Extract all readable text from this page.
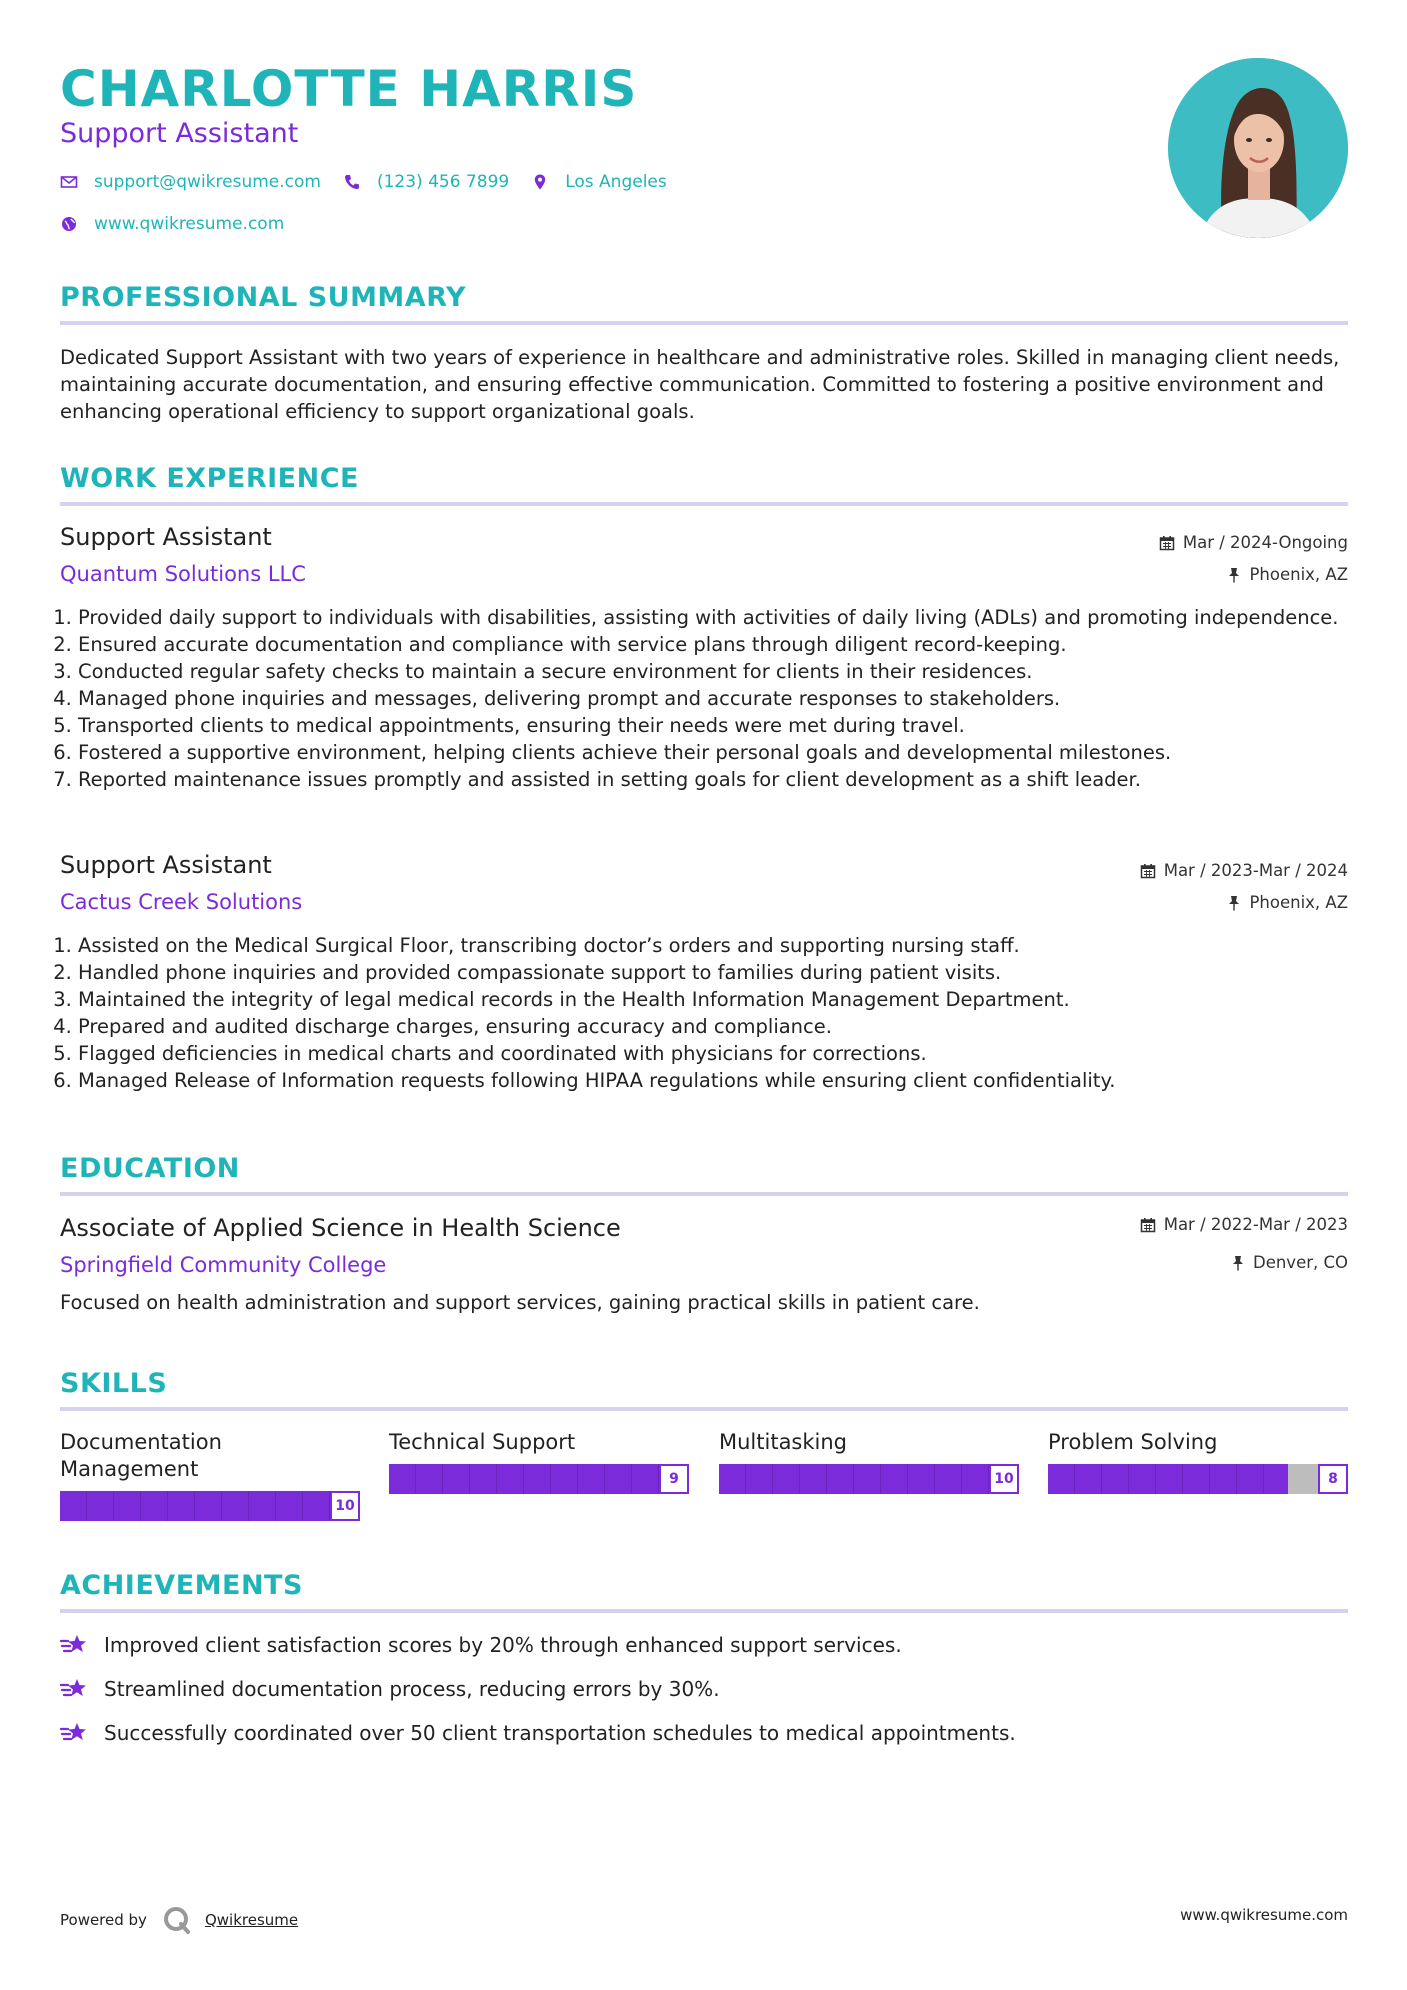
CHARLOTTE HARRIS
Support Assistant
support@qwikresume.com	(123) 456 7899	Los Angeles
www.qwikresume.com
PROFESSIONAL SUMMARY
Dedicated Support Assistant with two years of experience in healthcare and administrative roles. Skilled in managing client needs, maintaining accurate documentation, and ensuring effective communication. Committed to fostering a positive environment and enhancing operational efficiency to support organizational goals.
WORK EXPERIENCE
Support Assistant
Quantum Solutions LLC
Mar / 2024-Ongoing
Phoenix, AZ
1. Provided daily support to individuals with disabilities, assisting with activities of daily living (ADLs) and promoting independence.
2. Ensured accurate documentation and compliance with service plans through diligent record-keeping.
3. Conducted regular safety checks to maintain a secure environment for clients in their residences.
4. Managed phone inquiries and messages, delivering prompt and accurate responses to stakeholders.
5. Transported clients to medical appointments, ensuring their needs were met during travel.
6. Fostered a supportive environment, helping clients achieve their personal goals and developmental milestones.
7. Reported maintenance issues promptly and assisted in setting goals for client development as a shift leader.
Support Assistant
Cactus Creek Solutions
Mar / 2023-Mar / 2024
Phoenix, AZ
1. Assisted on the Medical Surgical Floor, transcribing doctor’s orders and supporting nursing staff.
2. Handled phone inquiries and provided compassionate support to families during patient visits.
3. Maintained the integrity of legal medical records in the Health Information Management Department.
4. Prepared and audited discharge charges, ensuring accuracy and compliance.
5. Flagged deficiencies in medical charts and coordinated with physicians for corrections.
6. Managed Release of Information requests following HIPAA regulations while ensuring client confidentiality.
EDUCATION
Associate of Applied Science in Health Science
Springfield Community College
Mar / 2022-Mar / 2023
Denver, CO
Focused on health administration and support services, gaining practical skills in patient care.
SKILLS
Documentation Management
10
Technical Support
9
Multitasking
10
Problem Solving
8
ACHIEVEMENTS
Improved client satisfaction scores by 20% through enhanced support services.
Streamlined documentation process, reducing errors by 30%.
Successfully coordinated over 50 client transportation schedules to medical appointments.
Powered by	Qwikresume	www.qwikresume.com
